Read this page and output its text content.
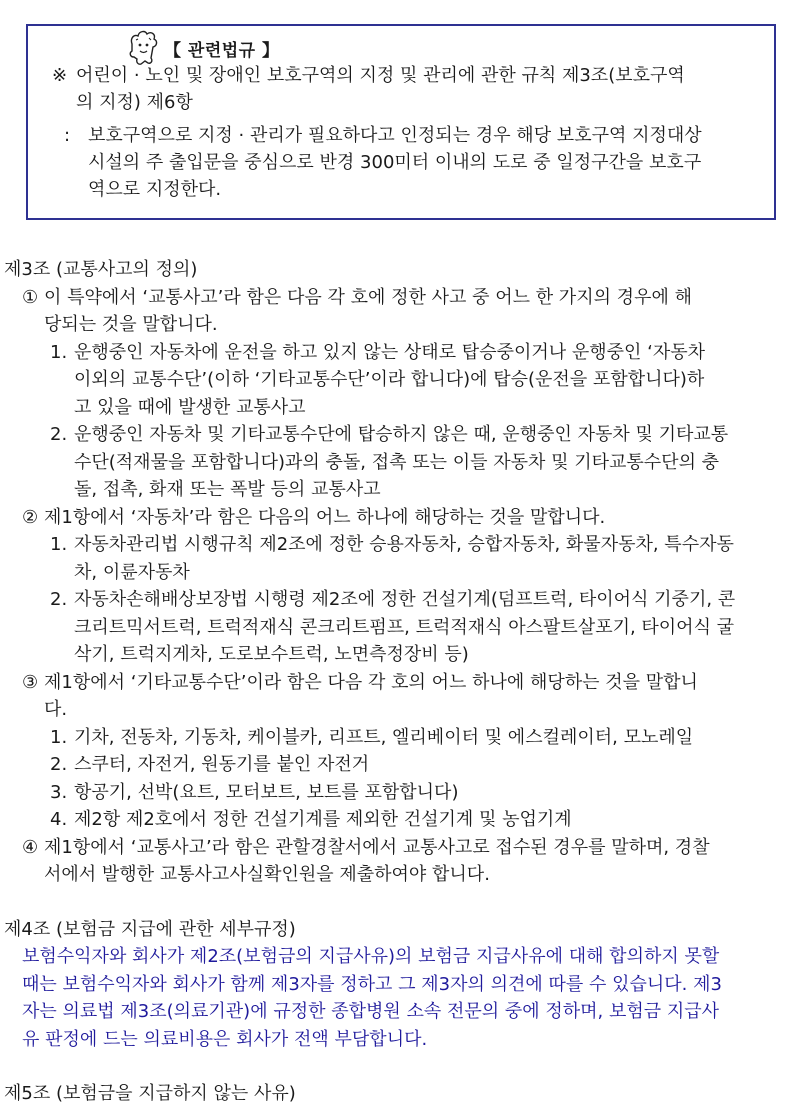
【 관련법규 】
※ 어린이 · 노인 및 장애인 보호구역의 지정 및 관리에 관한 규칙 제3조(보호구역
의 지정) 제6항
: 보호구역으로 지정 · 관리가 필요하다고 인정되는 경우 해당 보호구역 지정대상
시설의 주 출입문을 중심으로 반경 300미터 이내의 도로 중 일정구간을 보호구
역으로 지정한다.
제3조 (교통사고의 정의)
① 이 특약에서 ‘교통사고’라 함은 다음 각 호에 정한 사고 중 어느 한 가지의 경우에 해
당되는 것을 말합니다.
1. 운행중인 자동차에 운전을 하고 있지 않는 상태로 탑승중이거나 운행중인 ‘자동차
이외의 교통수단’(이하 ‘기타교통수단’이라 합니다)에 탑승(운전을 포함합니다)하
고 있을 때에 발생한 교통사고
2. 운행중인 자동차 및 기타교통수단에 탑승하지 않은 때, 운행중인 자동차 및 기타교통
수단(적재물을 포함합니다)과의 충돌, 접촉 또는 이들 자동차 및 기타교통수단의 충
돌, 접촉, 화재 또는 폭발 등의 교통사고
② 제1항에서 ‘자동차’라 함은 다음의 어느 하나에 해당하는 것을 말합니다.
1. 자동차관리법 시행규칙 제2조에 정한 승용자동차, 승합자동차, 화물자동차, 특수자동
차, 이륜자동차
2. 자동차손해배상보장법 시행령 제2조에 정한 건설기계(덤프트럭, 타이어식 기중기, 콘
크리트믹서트럭, 트럭적재식 콘크리트펌프, 트럭적재식 아스팔트살포기, 타이어식 굴
삭기, 트럭지게차, 도로보수트럭, 노면측정장비 등)
③ 제1항에서 ‘기타교통수단’이라 함은 다음 각 호의 어느 하나에 해당하는 것을 말합니
다.
1. 기차, 전동차, 기동차, 케이블카, 리프트, 엘리베이터 및 에스컬레이터, 모노레일
2. 스쿠터, 자전거, 원동기를 붙인 자전거
3. 항공기, 선박(요트, 모터보트, 보트를 포함합니다)
4. 제2항 제2호에서 정한 건설기계를 제외한 건설기계 및 농업기계
④ 제1항에서 ‘교통사고’라 함은 관할경찰서에서 교통사고로 접수된 경우를 말하며, 경찰
서에서 발행한 교통사고사실확인원을 제출하여야 합니다.
제4조 (보험금 지급에 관한 세부규정)
보험수익자와 회사가 제2조(보험금의 지급사유)의 보험금 지급사유에 대해 합의하지 못할
때는 보험수익자와 회사가 함께 제3자를 정하고 그 제3자의 의견에 따를 수 있습니다. 제3
자는 의료법 제3조(의료기관)에 규정한 종합병원 소속 전문의 중에 정하며, 보험금 지급사
유 판정에 드는 의료비용은 회사가 전액 부담합니다.
제5조 (보험금을 지급하지 않는 사유)
